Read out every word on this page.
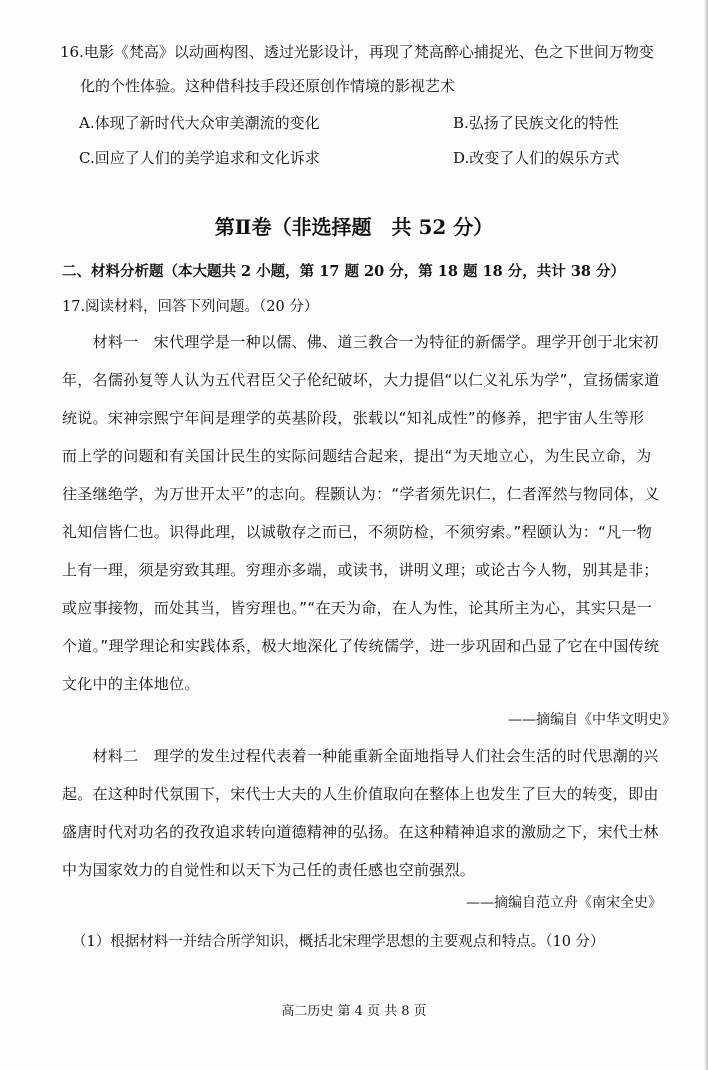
16.电影《梵高》以动画构图、透过光影设计，再现了梵高醉心捕捉光、色之下世间万物变
化的个性体验。这种借科技手段还原创作情境的影视艺术
A.体现了新时代大众审美潮流的变化	B.弘扬了民族文化的特性
C.回应了人们的美学追求和文化诉求	D.改变了人们的娱乐方式
第Ⅱ卷（非选择题　共 52 分）
二、材料分析题（本大题共 2 小题，第 17 题 20 分，第 18 题 18 分，共计 38 分）
17.阅读材料，回答下列问题。（20 分）
　　材料一　宋代理学是一种以儒、佛、道三教合一为特征的新儒学。理学开创于北宋初
年，名儒孙复等人认为五代君臣父子伦纪破坏，大力提倡“以仁义礼乐为学”，宣扬儒家道
统说。宋神宗熙宁年间是理学的英基阶段，张载以“知礼成性”的修养，把宇宙人生等形
而上学的问题和有关国计民生的实际问题结合起来，提出“为天地立心，为生民立命，为
往圣继绝学，为万世开太平”的志向。程颢认为：“学者须先识仁，仁者浑然与物同体，义
礼知信皆仁也。识得此理，以诚敬存之而已，不须防检，不须穷索。”程颐认为：“凡一物
上有一理，须是穷致其理。穷理亦多端，或读书，讲明义理；或论古今人物，别其是非；
或应事接物，而处其当，皆穷理也。”“在天为命，在人为性，论其所主为心，其实只是一
个道。”理学理论和实践体系，极大地深化了传统儒学，进一步巩固和凸显了它在中国传统
文化中的主体地位。
——摘编自《中华文明史》
　　材料二　理学的发生过程代表着一种能重新全面地指导人们社会生活的时代思潮的兴
起。在这种时代氛围下，宋代士大夫的人生价值取向在整体上也发生了巨大的转变，即由
盛唐时代对功名的孜孜追求转向道德精神的弘扬。在这种精神追求的激励之下，宋代士林
中为国家效力的自觉性和以天下为己任的责任感也空前强烈。
——摘编自范立舟《南宋全史》
（1）根据材料一并结合所学知识，概括北宋理学思想的主要观点和特点。（10 分）
高二历史 第 4 页 共 8 页
